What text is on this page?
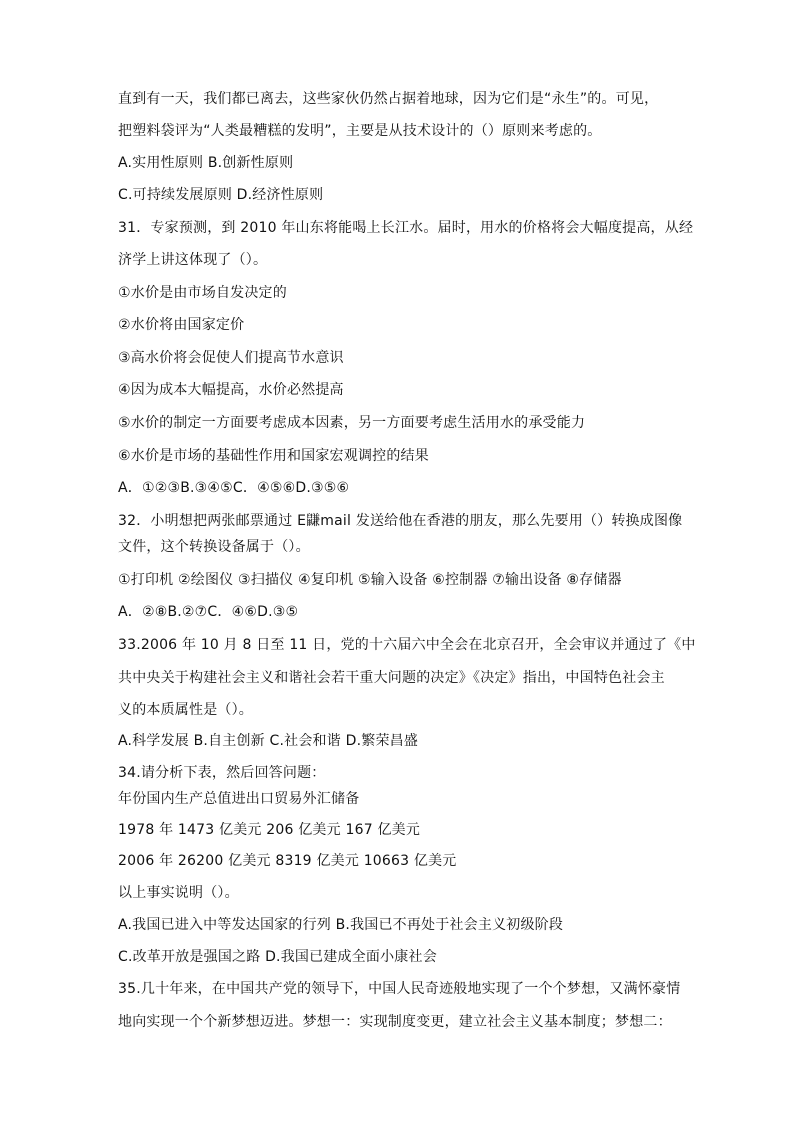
直到有一天，我们都已离去，这些家伙仍然占据着地球，因为它们是“永生”的。可见，
把塑料袋评为“人类最糟糕的发明”，主要是从技术设计的（）原则来考虑的。
A.实用性原则 B.创新性原则
C.可持续发展原则 D.经济性原则
31．专家预测，到 2010 年山东将能喝上长江水。届时，用水的价格将会大幅度提高，从经
济学上讲这体现了（）。
①水价是由市场自发决定的
②水价将由国家定价
③高水价将会促使人们提高节水意识
④因为成本大幅提高，水价必然提高
⑤水价的制定一方面要考虑成本因素，另一方面要考虑生活用水的承受能力
⑥水价是市场的基础性作用和国家宏观调控的结果
A．①②③B.③④⑤C．④⑤⑥D.③⑤⑥
32．小明想把两张邮票通过 E鼸mail 发送给他在香港的朋友，那么先要用（）转换成图像
文件，这个转换设备属于（）。
①打印机 ②绘图仪 ③扫描仪 ④复印机 ⑤输入设备 ⑥控制器 ⑦输出设备 ⑧存储器
A．②⑧B.②⑦C．④⑥D.③⑤
33.2006 年 10 月 8 日至 11 日，党的十六届六中全会在北京召开，全会审议并通过了《中
共中央关于构建社会主义和谐社会若干重大问题的决定》《决定》指出，中国特色社会主
义的本质属性是（）。
A.科学发展 B.自主创新 C.社会和谐 D.繁荣昌盛
34.请分析下表，然后回答问题：
年份国内生产总值进出口贸易外汇储备
1978 年 1473 亿美元 206 亿美元 167 亿美元
2006 年 26200 亿美元 8319 亿美元 10663 亿美元
以上事实说明（）。
A.我国已进入中等发达国家的行列 B.我国已不再处于社会主义初级阶段
C.改革开放是强国之路 D.我国已建成全面小康社会
35.几十年来，在中国共产党的领导下，中国人民奇迹般地实现了一个个梦想，又满怀豪情
地向实现一个个新梦想迈进。梦想一：实现制度变更，建立社会主义基本制度；梦想二：
